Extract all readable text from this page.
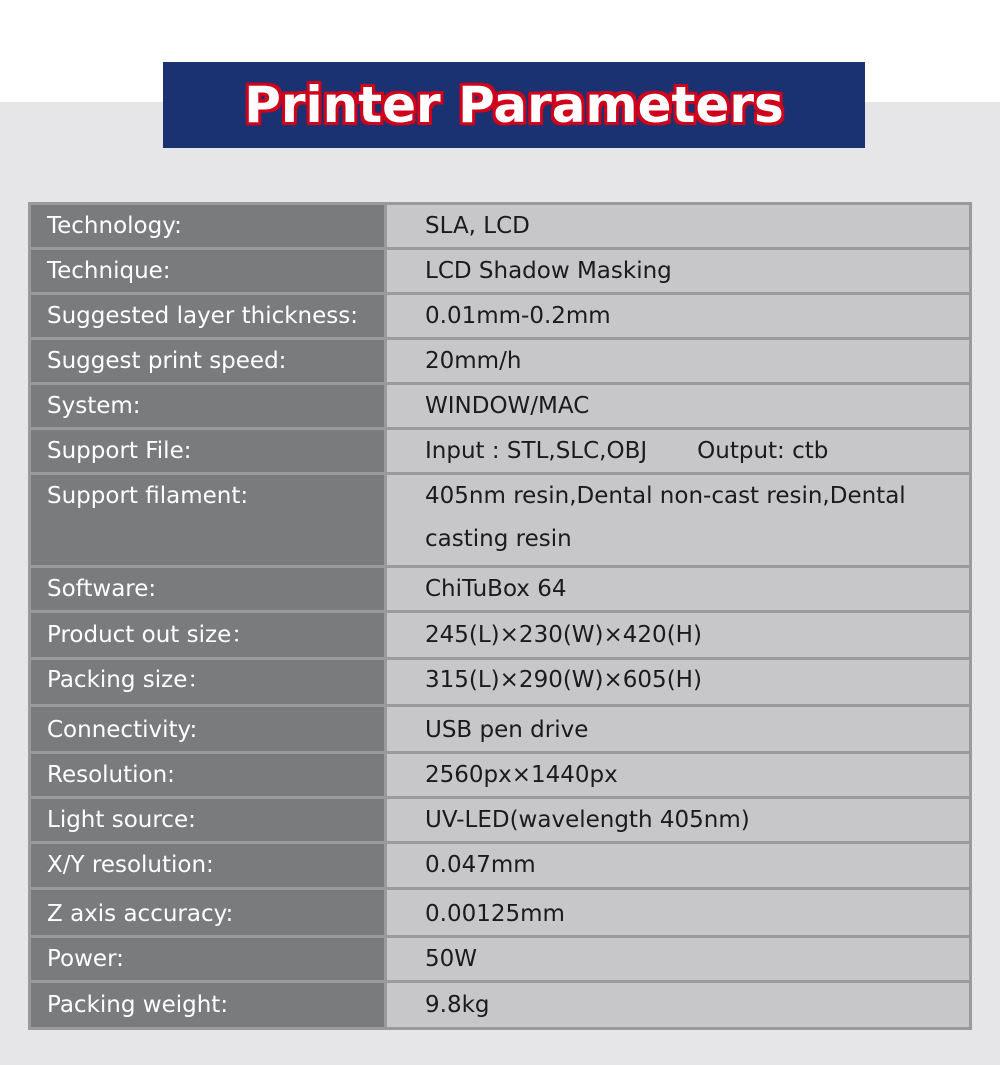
Printer Parameters
Technology:	SLA, LCD
Technique:	LCD Shadow Masking
Suggested layer thickness:	0.01mm-0.2mm
Suggest print speed:	20mm/h
System:	WINDOW/MAC
Support File:	Input : STL,SLC,OBJ Output: ctb
Support filament:	405nm resin,Dental non-cast resin,Dental
casting resin
Software:	ChiTuBox 64
Product out size：	245(L)×230(W)×420(H)
Packing size：	315(L)×290(W)×605(H)
Connectivity:	USB pen drive
Resolution:	2560px×1440px
Light source:	UV-LED(wavelength 405nm)
X/Y resolution:	0.047mm
Z axis accuracy:	0.00125mm
Power:	50W
Packing weight:	9.8kg
